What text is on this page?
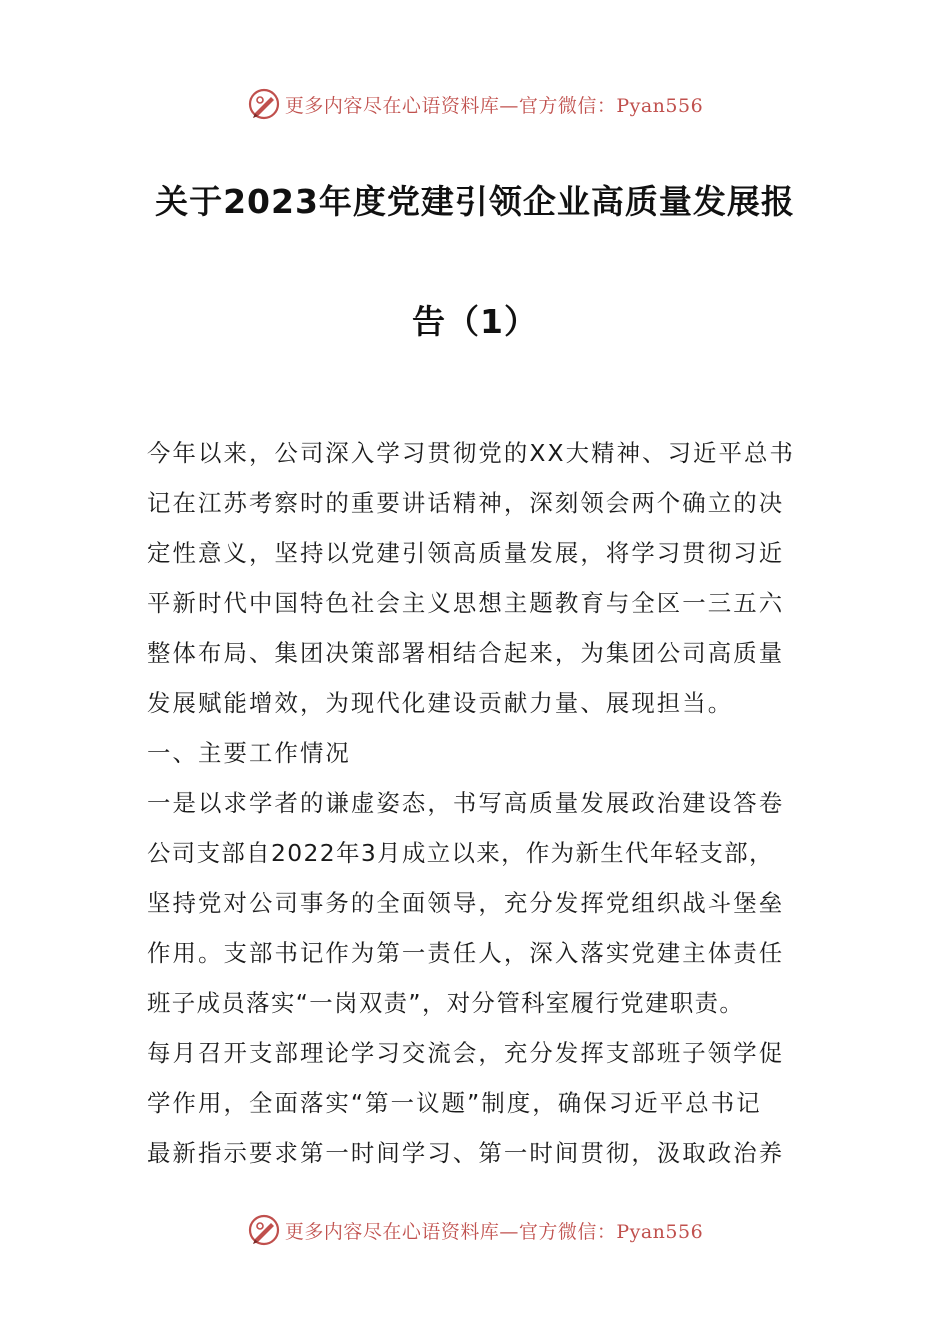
更多内容尽在心语资料库—官方微信：Pyan556
关于2023年度党建引领企业高质量发展报
告（1）
今年以来，公司深入学习贯彻党的XX大精神、习近平总书
记在江苏考察时的重要讲话精神，深刻领会两个确立的决
定性意义，坚持以党建引领高质量发展，将学习贯彻习近
平新时代中国特色社会主义思想主题教育与全区一三五六
整体布局、集团决策部署相结合起来，为集团公司高质量
发展赋能增效，为现代化建设贡献力量、展现担当。
一、主要工作情况
一是以求学者的谦虚姿态，书写高质量发展政治建设答卷
公司支部自2022年3月成立以来，作为新生代年轻支部，
坚持党对公司事务的全面领导，充分发挥党组织战斗堡垒
作用。支部书记作为第一责任人，深入落实党建主体责任
班子成员落实“一岗双责”，对分管科室履行党建职责。
每月召开支部理论学习交流会，充分发挥支部班子领学促
学作用，全面落实“第一议题”制度，确保习近平总书记
最新指示要求第一时间学习、第一时间贯彻，汲取政治养
更多内容尽在心语资料库—官方微信：Pyan556
